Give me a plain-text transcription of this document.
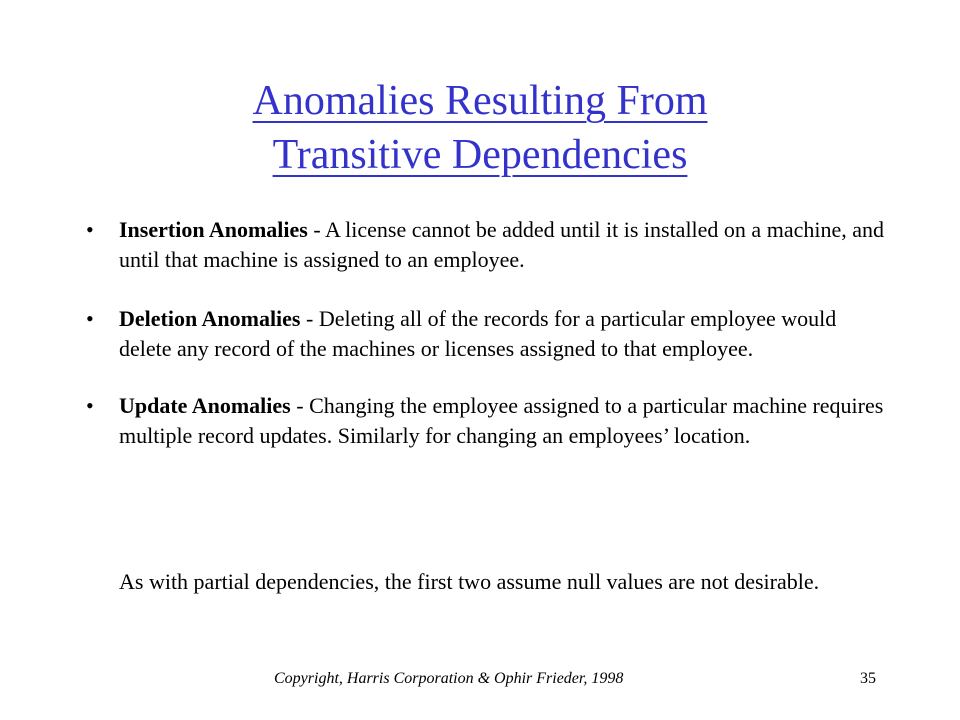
Anomalies Resulting From
Transitive Dependencies
• Insertion Anomalies - A license cannot be added until it is installed on a machine, and until that machine is assigned to an employee.
• Deletion Anomalies - Deleting all of the records for a particular employee would delete any record of the machines or licenses assigned to that employee.
• Update Anomalies - Changing the employee assigned to a particular machine requires multiple record updates. Similarly for changing an employees’ location.

As with partial dependencies, the first two assume null values are not desirable.

Copyright, Harris Corporation & Ophir Frieder, 1998	35
